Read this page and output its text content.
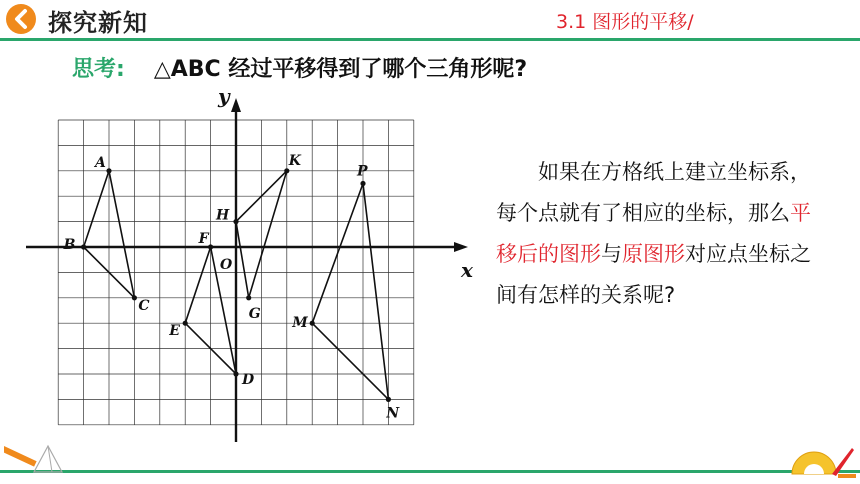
探究新知	3.1 图形的平移/
思考: △ABC 经过平移得到了哪个三角形呢?
如果在方格纸上建立坐标系，每个点就有了相应的坐标，那么平移后的图形与原图形对应点坐标之间有怎样的关系呢?
x
y
O
A
B
C
D
E
F
G
H
K
M
N
P
